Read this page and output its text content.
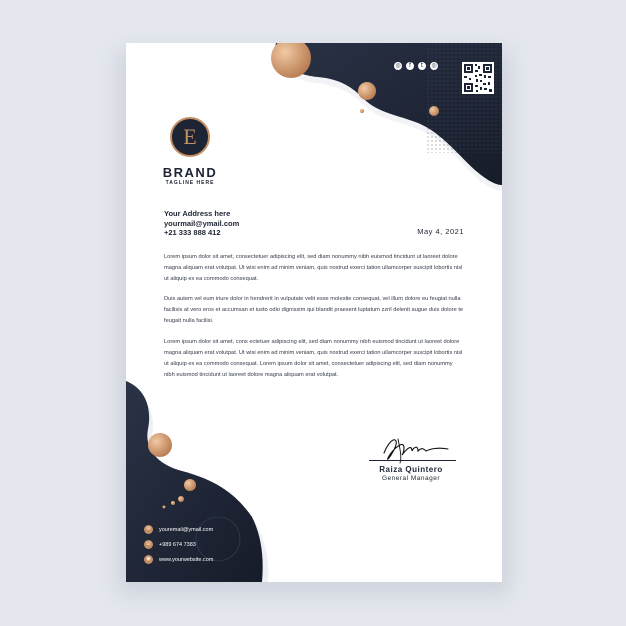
◎	f	t	◎
E
BRAND
TAGLINE HERE
Your Address here
yourmail@ymail.com
+21 333 888 412	May 4, 2021

Lorem ipsum dolor sit amet, consectetuer adipiscing elit, sed diam nonummy nibh euismod tincidunt ut laoreet dolore magna aliquam erat volutpat. Ut wisi enim ad minim veniam, quis nostrud exerci tation ullamcorper suscipit lobortis nisl ut aliquip ex ea commodo consequat.

Duis autem vel eum iriure dolor in hendrerit in vulputate velit esse molestie consequat, vel illum dolore eu feugiat nulla facilisis at vero eros et accumsan et iusto odio dignissim qui blandit praesent luptatum zzril delenit augue duis dolore te feugait nulla facilisi.

Lorem ipsum dolor sit amet, cons ectetuer adipiscing elit, sed diam nonummy nibh euismod tincidunt ut laoreet dolore magna aliquam erat volutpat. Ut wisi enim ad minim veniam, quis nostrud exerci tation ullamcorper suscipit lobortis nisl ut aliquip ex ea commodo consequat. Lorem ipsum dolor sit amet, consectetuer adipiscing elit, sed diam nonummy nibh euismod tincidunt ut laoreet dolore magna aliquam erat volutpat.

Raiza Quintero
General Manager
✉	youremail@ymail.com
☏ +989 674 7383
◉	www.yourwebsite.com
